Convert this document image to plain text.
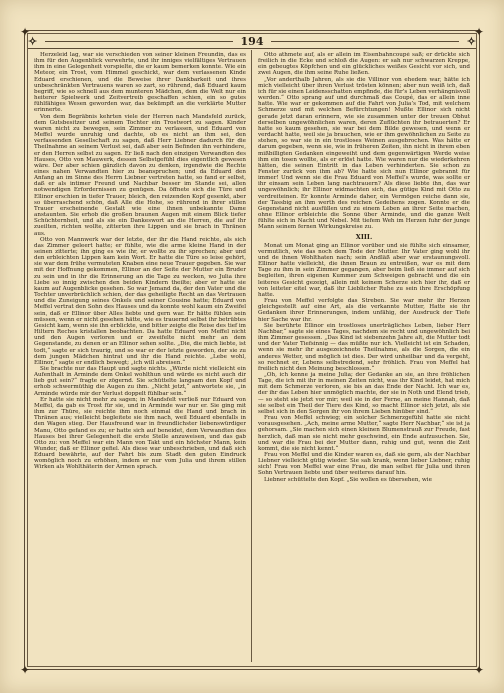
✦	✦
✦	✦
✧	194	✧

Herzeleid lag, war sie verschieden von seiner kleinen Freundin, das es ihm für den Augenblick verwehrte, und ihr inniges vielfältiges Vertrauen ihm in eine Gelegenheit vorspielte, die er kaum bemerken konnte. Wie ein Meteor, ein Trost, vom Himmel geschickt, war dem verlassenen Kinde Eduard erschienen, und die Beweise ihrer Dankbarkeit und ihres unbeschränkten Vertrauens waren so zart, so rührend, daß Eduard kaum begriff, wie so schnell aus dem munteren Mädchen, dem die Welt nur ein heiterer Spielwerk und Zeitvertreib geschaffen schien, ein so gutes fühlfähiges Wesen geworden war, das bekümpft an die verklärte Mutter erinnerte.

Von dem Begräbnis kehrten viele der Herren nach Mandsfeld zurück, dem Gutsbesitzer und seinem Tochter ein Trostwort zu sagen. Kinder waren nicht zu bewegen, sein Zimmer zu verlassen, und Eduard von Meffel wurde unruhig und dachte, ob es nicht an ihm sei, den verfassenden Gesellschaft zu sagen, daß Herr Liebner dadurch für die Theilnahme an seinem Verlust sei, daß aber sein Befinden ihn verhindere, er den Herren selbst zu sagen. Er ließ nach den einzigen Verwandten des Hauses, Otto von Mauwerk, dessen Selbstgefühl dies eigentlich gewesen wäre. Der aber schien gänzlich davon zu denken, irgendwie die Rechte eines nahen Verwandten hier zu beanspruchen; und da Eduard den Anfang an im Sinne des Herrn Liebner vertreten hatte, so fand er selbst, daß er als intimer Freund und Nachbar besser im Stande sei, allen notwendigen Erfordernissen zu genügen. Da öffnete sich die Türe und Ellinor erschien in tiefer Trauer, bleich, den reizenden Kopf gesenkt, aber so überraschend schön, daß Alle die Hohe, so rührend in ihrer stillen Trauer erscheinende Gestalt wie eine ihnen unbekannte Dame anstaunten. Sie erhob die großen braunen Augen mit einem Blick tiefer Schüchternheit, und als sie ein Dankeswort an die Herren, die auf ihr zueilten, richten wollte, zitterten ihre Lippen und sie brach in Thränen aus.

Otto von Mannwerk war der letzte, der ihr die Hand reichte, als sich das Zimmer geleert hatte; er fühlte, wie die arme kleine Hand in der seinen zitterte; ihn ging es wie ihr, er wollte zu ihr sprechen; aber und den erbleichten Lippen kam kein Wort. Er hatte die Türe so leise gehört, sie war dem frühe vermuteten Knaben eine neue Trauer gegeben. Sie war mit der Hoffnung gekommen, Ellinor an der Seite der Mutter ein Bruder zu sein und in ihr die Erinnerung an die Tage zu wecken, wo Julia ihre Liebe so innig zwischen den beiden Kindern theilte; aber er hatte sie kaum auf Augenblicke gesehen. So war Jemand da, der den Vater und die Tochter unverbrüchlich schien, der das geheiligte Recht an das Vertrauen und die Zuneigung seines Onkels und seiner Cousine hatte; Eduard von Meffel vertrat den Sohn des Hauses und da konnte wohl kaum ein Zweifel sein, daß er Ellinor über Alles liebte und gern war. Er hätte fühlen sein müssen, wenn er nicht gesehen hätte, wie es trauernd selbst ihr betrübtes Gesicht kam, wenn sie ihn erblickte, und bitter zeigte die Reise des tief im Hiltern Reches kristallen beobachten. Da hatte Eduard von Meffel nicht und den Augen verloren und er zweifelte nicht mehr an dem Gegenstande, zu denen er an Ellinor sehen sollte. „Die, die mich liebte, ist todt,“ sagte er sich traurig, und so war er der letzte geworden, der sie zu dem jungen Mädchen hintrat und ihr die Hand reichte. „Lebe wohl, Ellinor,“ sagte er endlich bewegt; „ich will abreisen.“

Sie brachte nur das Haupt und sagte nichts. „Würde nicht vielleicht ein Aufenthalt in Arminde dem Onkel wohlthun und würde es nicht auch dir lieb gut sein?“ fragte er zögernd. Sie schüttelte langsam den Kopf und erhob schwermüthig die Augen zu ihm. „Nicht jetzt,“ antwortete sie, „in Arminde würde mir der Verlust doppelt fühlbar sein.“

Er hatte sie nicht mehr zu sagen; in Mandsfelt verließ nur Eduard von Meffel, da gab es Trost für sie, und in Arminde war nur er. Sie ging mit ihm zur Thüre, sie reichte ihm noch einmal die Hand und brach in Thränen aus; vielleicht begleitete sie ihm nach, weil Eduard ebenfalls in den Wagen stieg. Der Hausfreund war in freundlichster liebenswürdiger Manu, Otto gefand es zu; er hatte sich auf beneidet, dem Verwandten des Hauses bei ihrer Gelegenheit die erste Stelle anzuweisen, und das gab Otto zu: von Meffel war ein Mann von Takt und ein höchster Mann, kein Wunder, daß er Ellinor gefiel. Als diese war unbeschrieben, und daß sich Eduard bewährte, auf der Fahrt bis zum Stadt den guten Eindruck womöglich noch zu erhöhen, indem er nur vom Julia und ihrem stillen Wirken als Wohlthäterin der Armen sprach.

Otto athmete auf, als er allein im Eisenbahncoupé saß; er drückte sich freilich in die Ecke und schloß die Augen: er sah nur schwarzen Kreppe, ein gebeugtes Köpfchen und ein glückliches weißes Gesicht vor sich, und zwei Augen, die ihm seine Ruhe ließen.

„Vor anderthalb Jahren, als sie die Villinor von ehedem war, hätte ich mich vielleicht über ihren Verlust trösten können; aber nun weiß ich, daß ich für sie einen Leidensschatten empfinde, die für’s Leben verhängnisvoll werden.“ Otto sprang auf und durchmaß das Coupé, das er allein inne hatte. Wie war er gekommen auf die Fahrt von Julia’s Tod, mit welchem Schmerze und mit welchen Befürchtungen! Mußte Ellinor sich nicht gerade jetzt daran erinnern, wie sie zusammen unter der treuen Obhut derselben ungewöhnlichen waren, deren Zuflüchten ihr betrauerten? Er hatte so kaum gesehen, sie war bei dem Bilde gewesen, und wenn er verdacht hatte, weil sie ja brauchen, wie er ihm gewöhnlichen zu Seite zu stehen, so war sie in ein trostloses Weinen ausgebrochen. Was hätte er darum gegeben, wenn sie, wie in früheren Zeiten, ihn nicht in ihrem eben mißbilligten Gedanken eingeweiht und dem gegenwärtigen Werde weise ihm ein tosen wollte, als er erlöst hatte. Wie waren nur die wiederkehren hätten, die seinen Eintritt in das Leben verhinderten. Sie schon zu Fenster zurück von ihm ab? Wie hatte sich nun Ellinor gebrannt für immer! Und wenn sie die Frau Eduard von Meffel’s wurde, was sollte er ihr einsam sein Leben lang nachtrauern? Als diese liebte ihn, das war ungewöhnlich; ihr Ellinor widmachten sich, das gütige Kind mit Otto zu verdreiteinen. Er konnte Arminde daher, ein Vermögen reiche dann sie, der Tassbig an ihm werth des reichen Gedeihens zogen. Konnte er die Gegenstand nicht ausfüllen und zu einem Leben an ihrer Seite machen, ohne Ellinor erbleichte die Sonne über Arminde, und die ganze Welt fühlte sich in Nacht und Nebel. Mit tiefem Weh im Herzen fuhr der junge Mann seinem fernen Wirkungskreise zu.

XIII.

Monat um Monat ging an Ellinor vorüber und sie fühlte sich einsamer, vermutlich, wie das noch dem Tode der Mutter. Ihr Vater ging wohl ihr und de ihnen Wohlthaten nach; sein Andläß aber war erstaunungsvoll. Ellinor hatte vielleicht, die ihnen Braun zu entreißen, war es mit dem Tage zu ihm in sein Zimmer gegangen, aber beim ließ sie immer auf sich begleiten, ihren eigenen Kummer zum Schweigen gebracht und die ein leiteres Gesicht gezeigt, allein mit keinem Scherze sich hier ihr, daß er von leiteter eitel war, daß ihr Lieblicher Ruhe zu sein ihre Erschöpfung hatte.

Frau von Meffel verfolgte das Streben. Sie war mehr ihr Herzen gleichgestellt auf eine Art, als die verkannte Mutter, Hatte sie ihr Gedanken ihrer Erinnerungen, indem unfähig, der Ausdruck der Tiefe hier Sache war ihr.

Sie berührte Ellinor ein trostloses unerträgliches Leben, lieber Herr Nachbar,“ sagte sie eines Tages, nachdem sie recht und ungewöhnlich bei ihm Zimmer gesessen. „Das Kind ist siebenzehn Jahre alt, die Mutter todt und der Vater Tiefsinnig — das müßte nur ich. Vielleicht ist ein Schaden, wenn sie mehr ihr ausgezeichnete Theilnahme, als die Sorgen, die ein anderes Wetter, und möglich ist dies. Der wird unheilbar und da vergeht, so rechnet er, Lebens selbstredend, sehr fröhlich. Frau von Meffel hat freilich nicht den Meinung beschlossen.“

„Oh, ich kenne ja meine Julia; der Gedanke an sie, an ihre fröhlichen Tage, die ich mit ihr in meinen Zeiten nicht, was ihr Kind leidet, hat mich mit dem Schmerze verloren, sie bis an das Ende der Nacht. Ich war es, der ihr das Leben hier unmöglich machte, der sie in Noth und Elend trieb,— so steht sie jetzt vor mir; weil sie in der Ferne, an meine Hannah, daß sie selbst ein Theil der Tiere des Kind, so macht Ellinor sich jetzt, als sie selbst sich in den Sorgen ihr von ihrem Lieben hinüber sind.“

Frau von Meffel schwieg; ein solcher Schmerzgefühl hatte sie nicht vorausgesehen. „Ach, meine arme Mutter,“ sagte Herr Nachbar,“ sie ist ja gehorsam. „Sie machen sich einen kleinen Blumenstrauß zur Freude, fast herzlich, daß man sie nicht mehr geschwind, ein Ende aufzusuchen. Sie, und war die Frau bei der Mutter dann, ruhig und gut, wenn die Zeit kommt, die sie nicht kennt.“

Frau von Meffel und die Kinder waren es, daß sie gern, als der Nachbar Liebner vielleicht gütig wieder. Sie sah krank, wenn lieber Liebner, ruhig sich! Frau von Meffel war eine Frau, die man selbst für Julia und ihren Sohn Vertrauen liebte und über weiteres darauf hin.

Liebner schüttelte den Kopf. „Sie wollen es übersehen, wie
